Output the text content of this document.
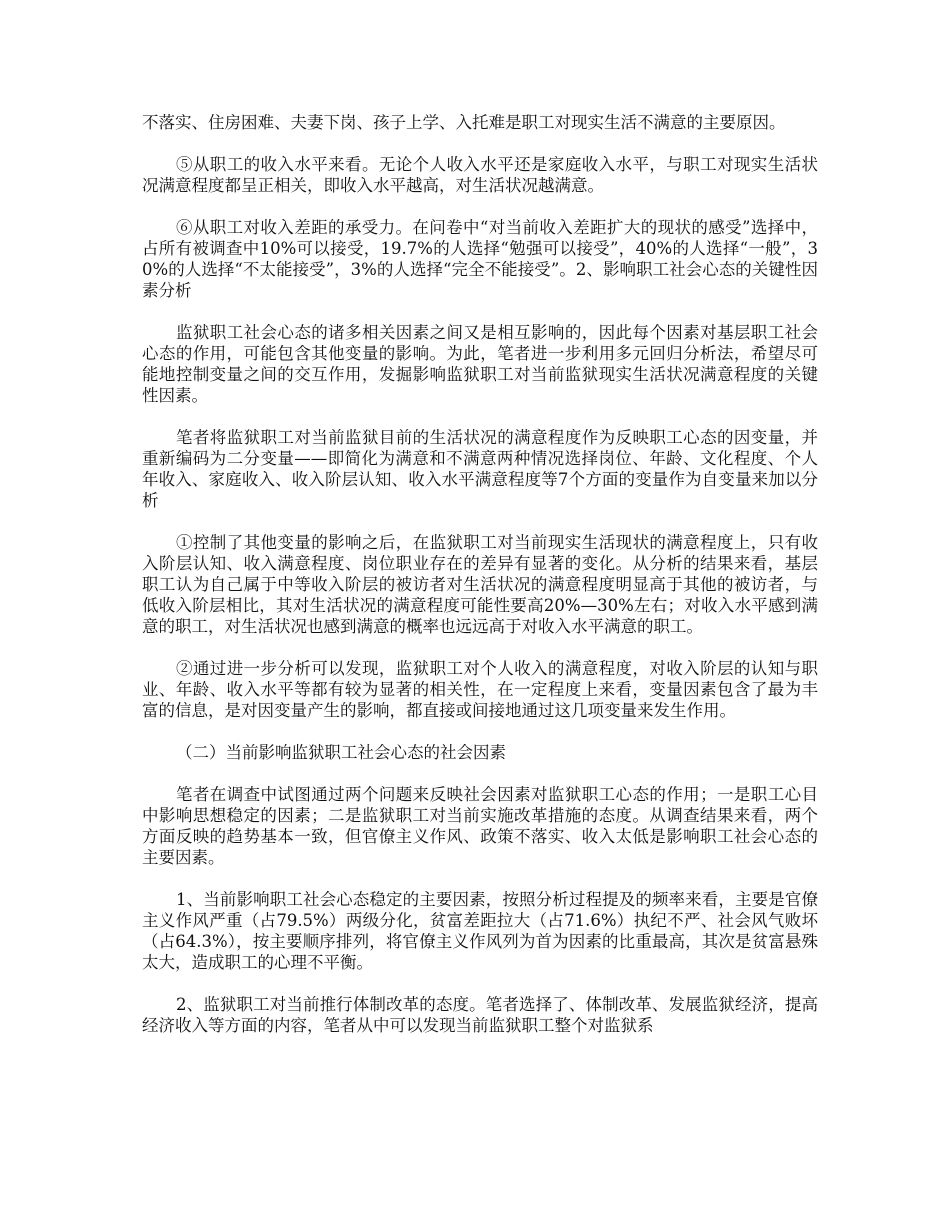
不落实、住房困难、夫妻下岗、孩子上学、入托难是职工对现实生活不满意的主要原因。

⑤从职工的收入水平来看。无论个人收入水平还是家庭收入水平，与职工对现实生活状况满意程度都呈正相关，即收入水平越高，对生活状况越满意。

⑥从职工对收入差距的承受力。在问卷中“对当前收入差距扩大的现状的感受”选择中，占所有被调查中10%可以接受，19.7%的人选择“勉强可以接受”，40%的人选择“一般”，30%的人选择“不太能接受”，3%的人选择“完全不能接受”。2、影响职工社会心态的关键性因素分析

监狱职工社会心态的诸多相关因素之间又是相互影响的，因此每个因素对基层职工社会心态的作用，可能包含其他变量的影响。为此，笔者进一步利用多元回归分析法，希望尽可能地控制变量之间的交互作用，发掘影响监狱职工对当前监狱现实生活状况满意程度的关键性因素。

笔者将监狱职工对当前监狱目前的生活状况的满意程度作为反映职工心态的因变量，并重新编码为二分变量——即简化为满意和不满意两种情况选择岗位、年龄、文化程度、个人年收入、家庭收入、收入阶层认知、收入水平满意程度等7个方面的变量作为自变量来加以分析

①控制了其他变量的影响之后，在监狱职工对当前现实生活现状的满意程度上，只有收入阶层认知、收入满意程度、岗位职业存在的差异有显著的变化。从分析的结果来看，基层职工认为自己属于中等收入阶层的被访者对生活状况的满意程度明显高于其他的被访者，与低收入阶层相比，其对生活状况的满意程度可能性要高20%—30%左右；对收入水平感到满意的职工，对生活状况也感到满意的概率也远远高于对收入水平满意的职工。

②通过进一步分析可以发现，监狱职工对个人收入的满意程度，对收入阶层的认知与职业、年龄、收入水平等都有较为显著的相关性，在一定程度上来看，变量因素包含了最为丰富的信息，是对因变量产生的影响，都直接或间接地通过这几项变量来发生作用。

（二）当前影响监狱职工社会心态的社会因素

笔者在调查中试图通过两个问题来反映社会因素对监狱职工心态的作用；一是职工心目中影响思想稳定的因素；二是监狱职工对当前实施改革措施的态度。从调查结果来看，两个方面反映的趋势基本一致，但官僚主义作风、政策不落实、收入太低是影响职工社会心态的主要因素。

1、当前影响职工社会心态稳定的主要因素，按照分析过程提及的频率来看，主要是官僚主义作风严重（占79.5%）两级分化，贫富差距拉大（占71.6%）执纪不严、社会风气败坏（占64.3%），按主要顺序排列，将官僚主义作风列为首为因素的比重最高，其次是贫富悬殊太大，造成职工的心理不平衡。

2、监狱职工对当前推行体制改革的态度。笔者选择了、体制改革、发展监狱经济，提高经济收入等方面的内容，笔者从中可以发现当前监狱职工整个对监狱系
